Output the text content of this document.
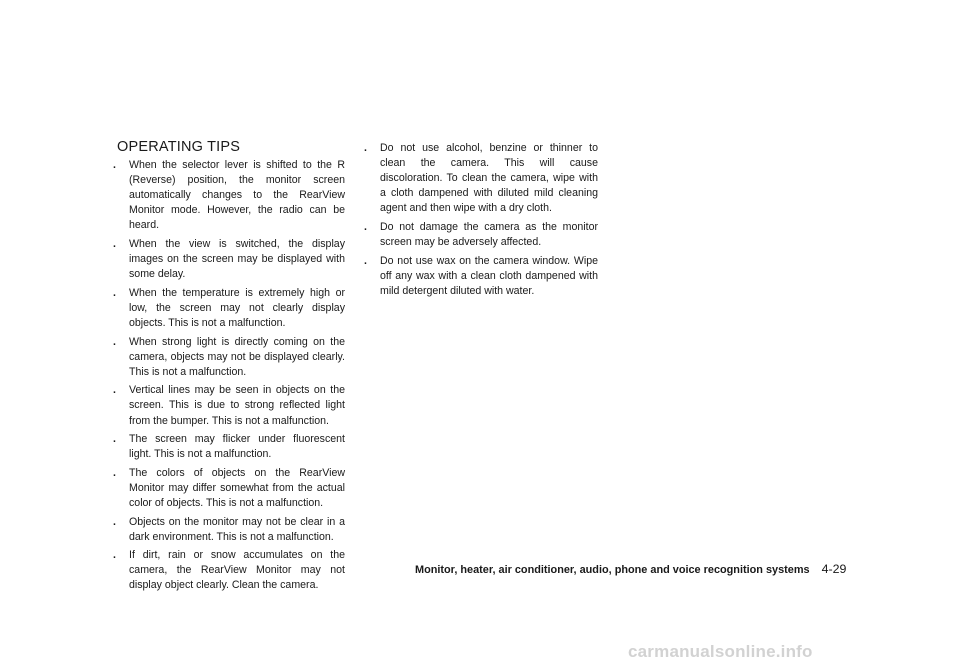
OPERATING TIPS
. When the selector lever is shifted to the R (Reverse) position, the monitor screen automatically changes to the RearView Monitor mode. However, the radio can be heard.
. When the view is switched, the display images on the screen may be displayed with some delay.
. When the temperature is extremely high or low, the screen may not clearly display objects. This is not a malfunction.
. When strong light is directly coming on the camera, objects may not be displayed clearly. This is not a malfunction.
. Vertical lines may be seen in objects on the screen. This is due to strong reflected light from the bumper. This is not a malfunction.
. The screen may flicker under fluorescent light. This is not a malfunction.
. The colors of objects on the RearView Monitor may differ somewhat from the actual color of objects. This is not a malfunction.
. Objects on the monitor may not be clear in a dark environment. This is not a malfunction.
. If dirt, rain or snow accumulates on the camera, the RearView Monitor may not display object clearly. Clean the camera.
. Do not use alcohol, benzine or thinner to clean the camera. This will cause discoloration. To clean the camera, wipe with a cloth dampened with diluted mild cleaning agent and then wipe with a dry cloth.
. Do not damage the camera as the monitor screen may be adversely affected.
. Do not use wax on the camera window. Wipe off any wax with a clean cloth dampened with mild detergent diluted with water.
Monitor, heater, air conditioner, audio, phone and voice recognition systems 4-29
carmanualsonline.info
